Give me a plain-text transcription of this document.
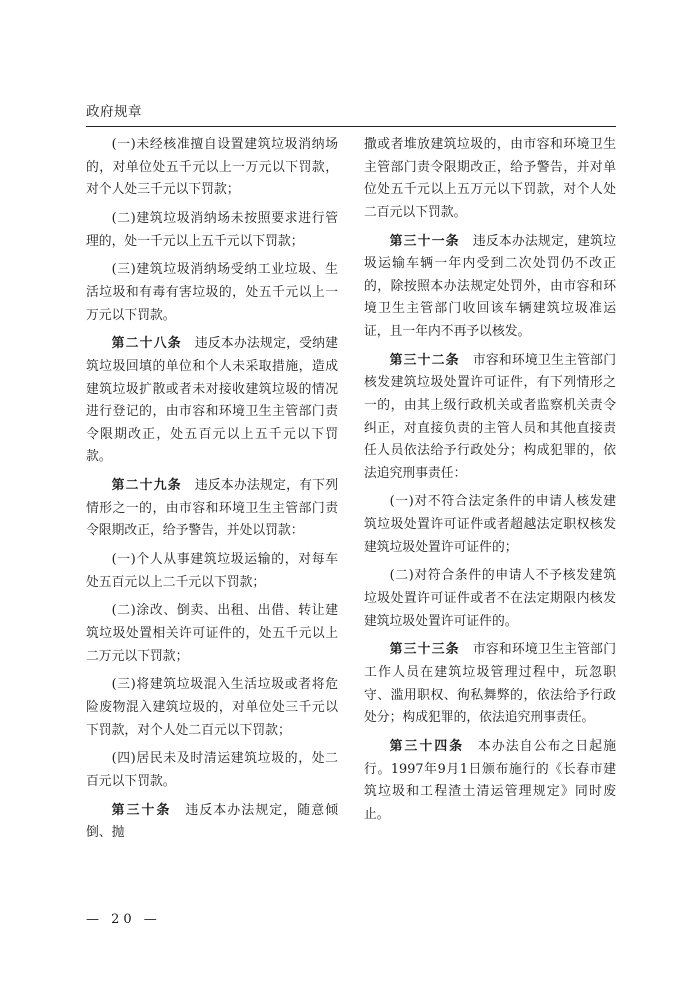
政府规章

(一)未经核准擅自设置建筑垃圾消纳场的，对单位处五千元以上一万元以下罚款，对个人处三千元以下罚款；

(二)建筑垃圾消纳场未按照要求进行管理的，处一千元以上五千元以下罚款；

(三)建筑垃圾消纳场受纳工业垃圾、生活垃圾和有毒有害垃圾的，处五千元以上一万元以下罚款。

第二十八条　违反本办法规定，受纳建筑垃圾回填的单位和个人未采取措施，造成建筑垃圾扩散或者未对接收建筑垃圾的情况进行登记的，由市容和环境卫生主管部门责令限期改正，处五百元以上五千元以下罚款。

第二十九条　违反本办法规定，有下列情形之一的，由市容和环境卫生主管部门责令限期改正，给予警告，并处以罚款：

(一)个人从事建筑垃圾运输的，对每车处五百元以上二千元以下罚款；

(二)涂改、倒卖、出租、出借、转让建筑垃圾处置相关许可证件的，处五千元以上二万元以下罚款；

(三)将建筑垃圾混入生活垃圾或者将危险废物混入建筑垃圾的，对单位处三千元以下罚款，对个人处二百元以下罚款；

(四)居民未及时清运建筑垃圾的，处二百元以下罚款。

第三十条　违反本办法规定，随意倾倒、抛

撒或者堆放建筑垃圾的，由市容和环境卫生主管部门责令限期改正，给予警告，并对单位处五千元以上五万元以下罚款，对个人处二百元以下罚款。

第三十一条　违反本办法规定，建筑垃圾运输车辆一年内受到二次处罚仍不改正的，除按照本办法规定处罚外，由市容和环境卫生主管部门收回该车辆建筑垃圾准运证，且一年内不再予以核发。

第三十二条　市容和环境卫生主管部门核发建筑垃圾处置许可证件，有下列情形之一的，由其上级行政机关或者监察机关责令纠正，对直接负责的主管人员和其他直接责任人员依法给予行政处分；构成犯罪的，依法追究刑事责任：

(一)对不符合法定条件的申请人核发建筑垃圾处置许可证件或者超越法定职权核发建筑垃圾处置许可证件的；

(二)对符合条件的申请人不予核发建筑垃圾处置许可证件或者不在法定期限内核发建筑垃圾处置许可证件的。

第三十三条　市容和环境卫生主管部门工作人员在建筑垃圾管理过程中，玩忽职守、滥用职权、徇私舞弊的，依法给予行政处分；构成犯罪的，依法追究刑事责任。

第三十四条　本办法自公布之日起施行。1997年9月1日颁布施行的《长春市建筑垃圾和工程渣土清运管理规定》同时废止。

— 20 —
